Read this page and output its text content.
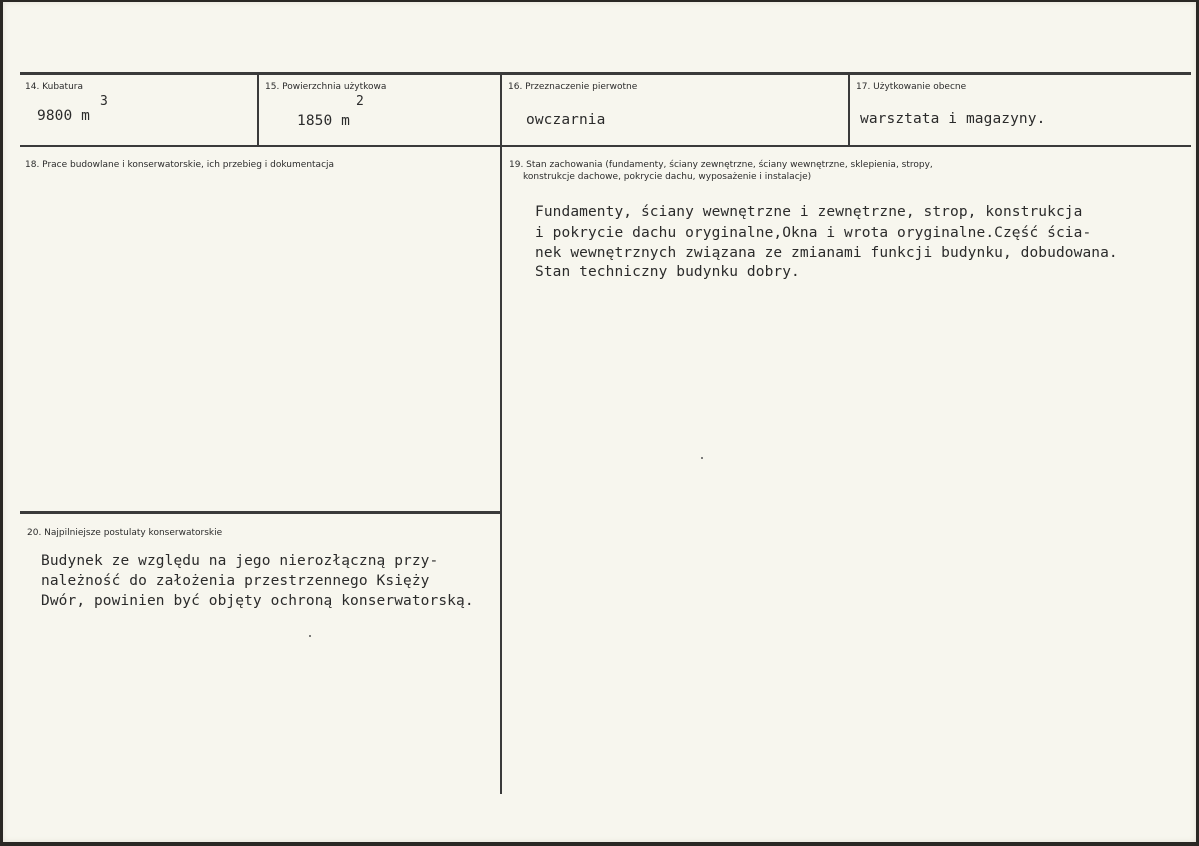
14. Kubatura
9800 m
3
15. Powierzchnia użytkowa
2
1850 m
16. Przeznaczenie pierwotne
owczarnia
17. Użytkowanie obecne
warsztata i magazyny.
18. Prace budowlane i konserwatorskie, ich przebieg i dokumentacja	19. Stan zachowania (fundamenty, ściany zewnętrzne, ściany wewnętrzne, sklepienia, stropy,
konstrukcje dachowe, pokrycie dachu, wyposażenie i instalacje)
Fundamenty, ściany wewnętrzne i zewnętrzne, strop, konstrukcja
i pokrycie dachu oryginalne,Okna i wrota oryginalne.Część ścia-
nek wewnętrznych związana ze zmianami funkcji budynku, dobudowana.
Stan techniczny budynku dobry.
20. Najpilniejsze postulaty konserwatorskie
Budynek ze względu na jego nierozłączną przy-
należność do założenia przestrzennego Księży
Dwór, powinien być objęty ochroną konserwatorską.
